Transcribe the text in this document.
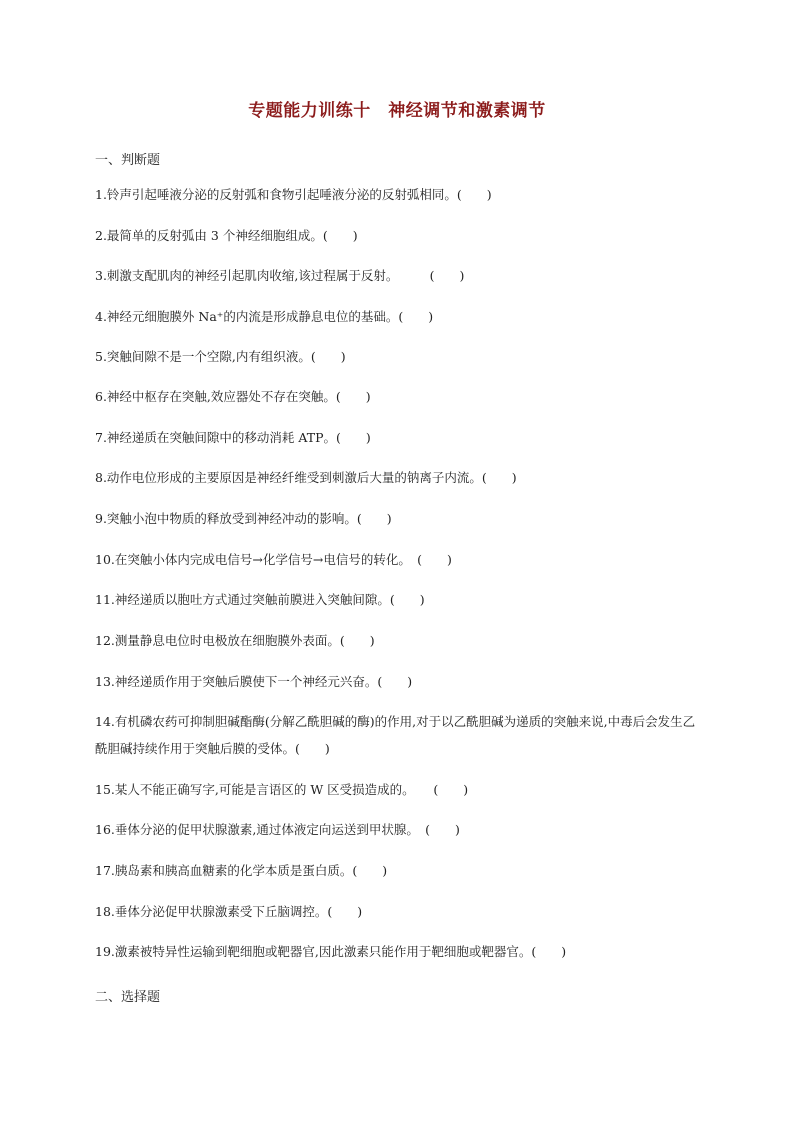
专题能力训练十　神经调节和激素调节
一、判断题
1.铃声引起唾液分泌的反射弧和食物引起唾液分泌的反射弧相同。(　　)
2.最简单的反射弧由 3 个神经细胞组成。(　　)
3.刺激支配肌肉的神经引起肌肉收缩,该过程属于反射。　　　(　　)
4.神经元细胞膜外 Na⁺的内流是形成静息电位的基础。(　　)
5.突触间隙不是一个空隙,内有组织液。(　　)
6.神经中枢存在突触,效应器处不存在突触。(　　)
7.神经递质在突触间隙中的移动消耗 ATP。(　　)
8.动作电位形成的主要原因是神经纤维受到刺激后大量的钠离子内流。(　　)
9.突触小泡中物质的释放受到神经冲动的影响。(　　)
10.在突触小体内完成电信号→化学信号→电信号的转化。　(　　)
11.神经递质以胞吐方式通过突触前膜进入突触间隙。(　　)
12.测量静息电位时电极放在细胞膜外表面。(　　)
13.神经递质作用于突触后膜使下一个神经元兴奋。(　　)
14.有机磷农药可抑制胆碱酯酶(分解乙酰胆碱的酶)的作用,对于以乙酰胆碱为递质的突触来说,中毒后会发生乙酰胆碱持续作用于突触后膜的受体。(　　)
15.某人不能正确写字,可能是言语区的 W 区受损造成的。　　(　　)
16.垂体分泌的促甲状腺激素,通过体液定向运送到甲状腺。　(　　)
17.胰岛素和胰高血糖素的化学本质是蛋白质。(　　)
18.垂体分泌促甲状腺激素受下丘脑调控。(　　)
19.激素被特异性运输到靶细胞或靶器官,因此激素只能作用于靶细胞或靶器官。(　　)
二、选择题
